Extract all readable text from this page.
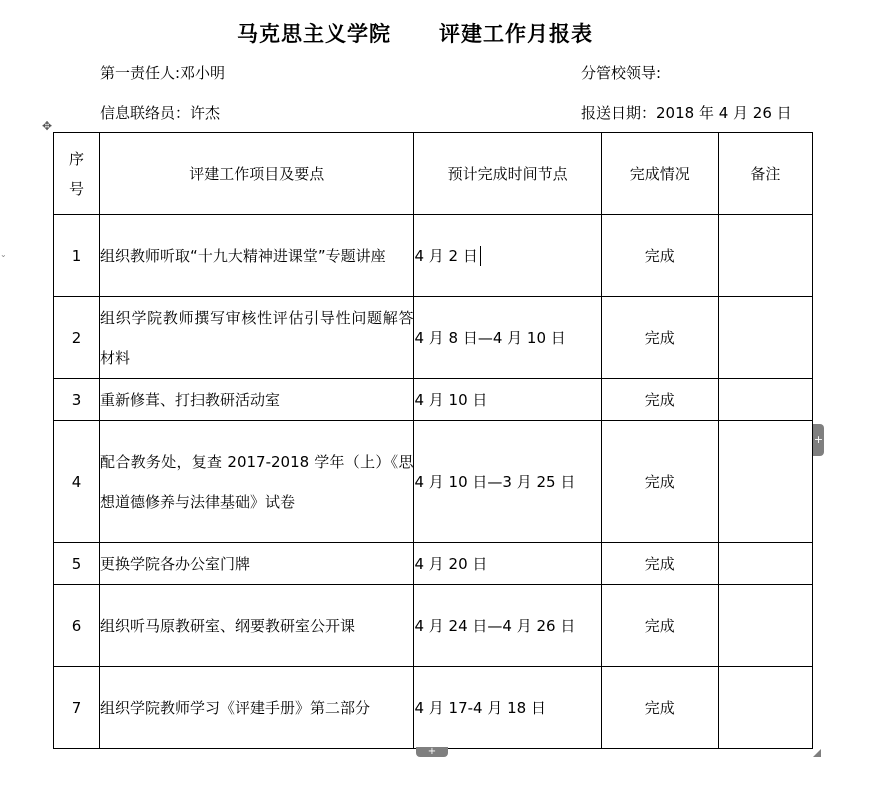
马克思主义学院 评建工作月报表
第一责任人:邓小明	分管校领导:
信息联络员：许杰	报送日期：2018 年 4 月 26 日
✥
⌄
序
号	评建工作项目及要点	预计完成时间节点	完成情况	备注
1	组织教师听取“十九大精神进课堂”专题讲座	4 月 2 日	完成	
2	组织学院教师撰写审核性评估引导性问题解答材料	4 月 8 日—4 月 10 日	完成	
3	重新修葺、打扫教研活动室	4 月 10 日	完成	
4	配合教务处，复查 2017-2018 学年（上）《思想道德修养与法律基础》试卷	4 月 10 日—3 月 25 日	完成	
5	更换学院各办公室门牌	4 月 20 日	完成	
6	组织听马原教研室、纲要教研室公开课	4 月 24 日—4 月 26 日	完成	
7	组织学院教师学习《评建手册》第二部分	4 月 17-4 月 18 日	完成	
+
+
